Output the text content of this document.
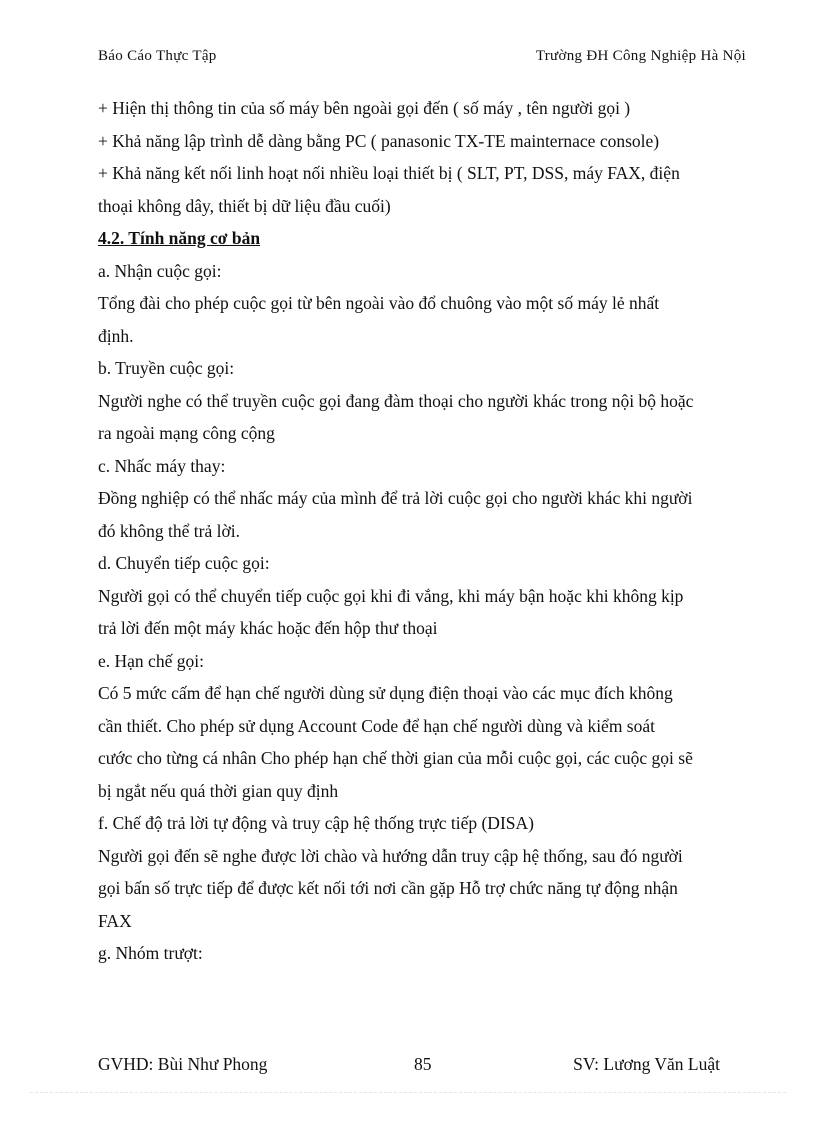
Báo Cáo Thực Tập	Trường ĐH Công Nghiệp Hà Nội

+ Hiện thị thông tin của số máy bên ngoài gọi đến ( số máy , tên người gọi )

+ Khả năng lập trình dễ dàng bằng PC ( panasonic TX-TE mainternace console)

+ Khả năng kết nối linh hoạt nối nhiều loại thiết bị ( SLT, PT, DSS, máy FAX, điện

thoại không dây, thiết bị dữ liệu đầu cuối)

4.2. Tính năng cơ bản

a. Nhận cuộc gọi:

Tổng đài cho phép cuộc gọi từ bên ngoài vào đổ chuông vào một số máy lẻ nhất

định.

b. Truyền cuộc gọi:

Người nghe có thể truyền cuộc gọi đang đàm thoại cho người khác trong nội bộ hoặc

ra ngoài mạng công cộng

c. Nhấc máy thay:

Đồng nghiệp có thể nhấc máy của mình để trả lời cuộc gọi cho người khác khi người

đó không thể trả lời.

d. Chuyển tiếp cuộc gọi:

Người gọi có thể chuyển tiếp cuộc gọi khi đi vắng, khi máy bận hoặc khi không kịp

trả lời đến một máy khác hoặc đến hộp thư thoại

e. Hạn chế gọi:

Có 5 mức cấm để hạn chế người dùng sử dụng điện thoại vào các mục đích không

cần thiết. Cho phép sử dụng Account Code để hạn chế người dùng và kiểm soát

cước cho từng cá nhân Cho phép hạn chế thời gian của mỗi cuộc gọi, các cuộc gọi sẽ

bị ngắt nếu quá thời gian quy định

f. Chế độ trả lời tự động và truy cập hệ thống trực tiếp (DISA)

Người gọi đến sẽ nghe được lời chào và hướng dẫn truy cập hệ thống, sau đó người

gọi bấn số trực tiếp để được kết nối tới nơi cần gặp Hỗ trợ chức năng tự động nhận

FAX

g. Nhóm trượt:

GVHD: Bùi Như Phong	85	SV: Lương Văn Luật
